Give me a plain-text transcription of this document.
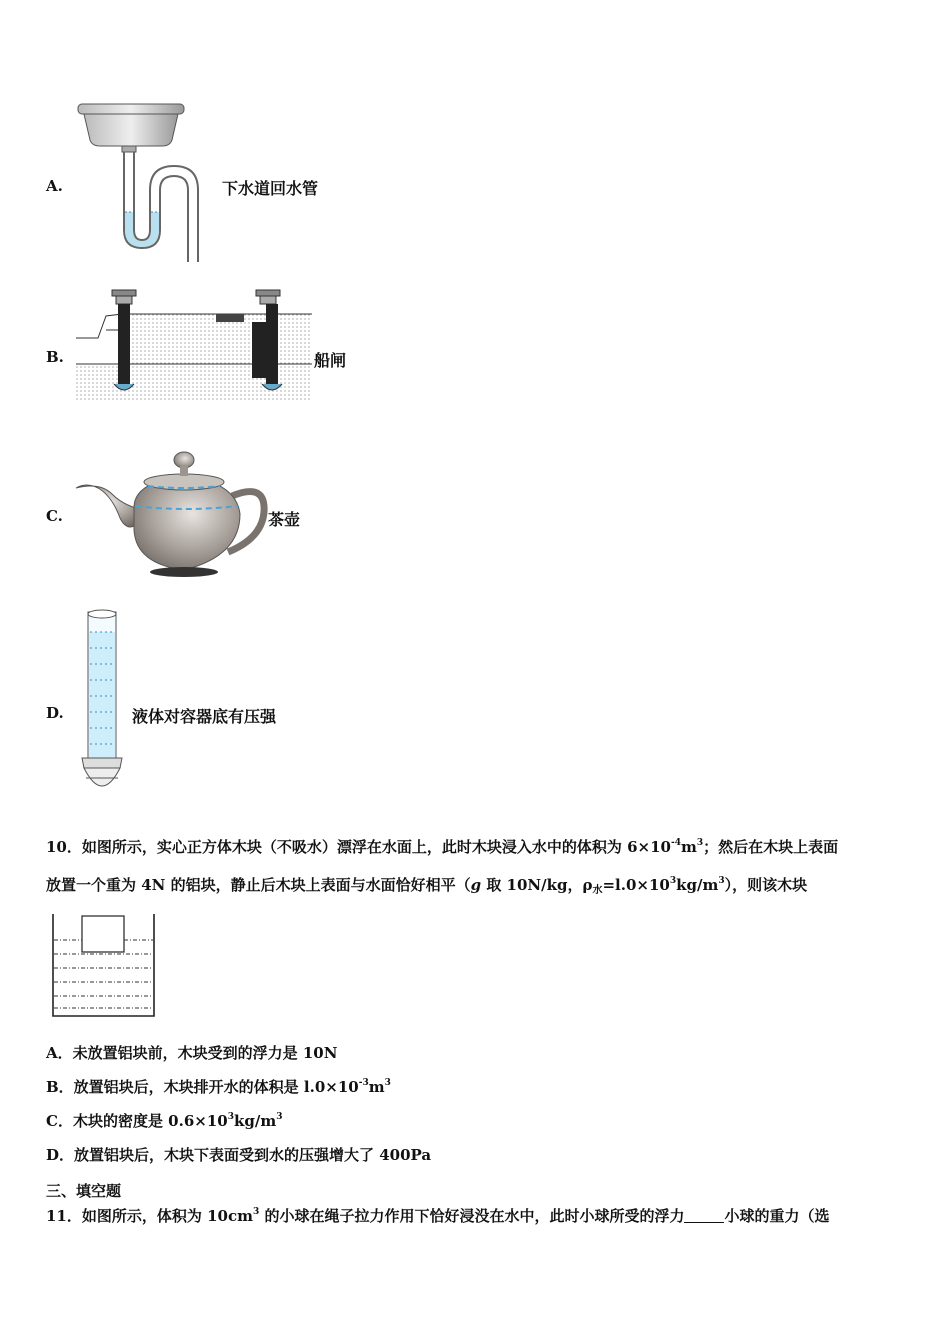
A.	下水道回水管
B.	船闸
C.	茶壶
D.	液体对容器底有压强
10．如图所示，实心正方体木块（不吸水）漂浮在水面上，此时木块浸入水中的体积为 $6\times 10^{-4}m^3$；然后在木块上表面
放置一个重为 4N 的铝块，静止后木块上表面与水面恰好相平（g 取 10N/kg，$\rho_水=l.0\times 10^3kg/m^3$），则该木块
A．未放置铝块前，木块受到的浮力是 10N
B．放置铝块后，木块排开水的体积是 $l.0\times 10^{-3}m^3$
C．木块的密度是 $0.6\times 10^3kg/m^3$
D．放置铝块后，木块下表面受到水的压强增大了 400Pa
三、填空题
11．如图所示，体积为 $10cm^3$ 的小球在绳子拉力作用下恰好浸没在水中，此时小球所受的浮力	小球的重力（选
